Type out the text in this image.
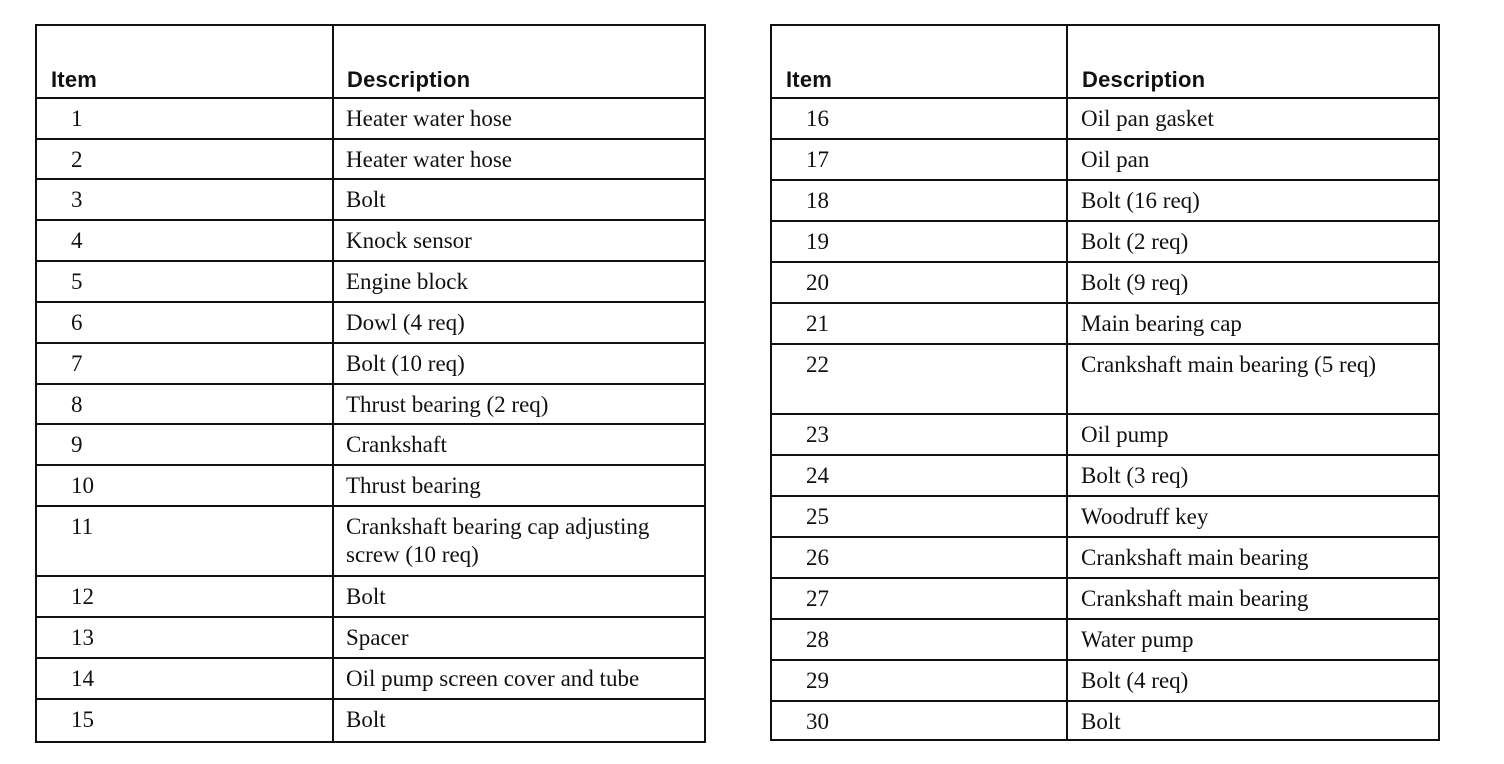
Item	Description
1	Heater water hose
2	Heater water hose
3	Bolt
4	Knock sensor
5	Engine block
6	Dowl (4 req)
7	Bolt (10 req)
8	Thrust bearing (2 req)
9	Crankshaft
10	Thrust bearing
11	Crankshaft bearing cap adjusting screw (10 req)
12	Bolt
13	Spacer
14	Oil pump screen cover and tube
15	Bolt
Item	Description
16	Oil pan gasket
17	Oil pan
18	Bolt (16 req)
19	Bolt (2 req)
20	Bolt (9 req)
21	Main bearing cap
22	Crankshaft main bearing (5 req)
23	Oil pump
24	Bolt (3 req)
25	Woodruff key
26	Crankshaft main bearing
27	Crankshaft main bearing
28	Water pump
29	Bolt (4 req)
30	Bolt
